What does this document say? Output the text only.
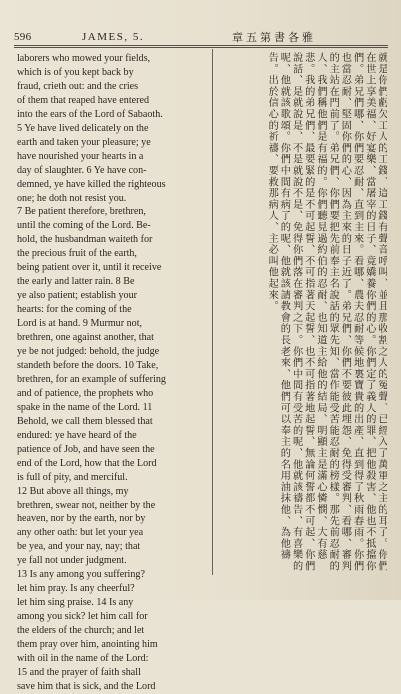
596	JAMES, 5.	章五第書各雅

laborers who mowed your fields,

which is of you kept back by

fraud, crieth out: and the cries

of them that reaped have entered

into the ears of the Lord of Sabaoth.

5 Ye have lived delicately on the

earth and taken your pleasure; ye

have nourished your hearts in a

day of slaughter. 6 Ye have con-

demned, ye have killed the righteous

one; he doth not resist you.

7 Be patient therefore, brethren,

until the coming of the Lord. Be-

hold, the husbandman waiteth for

the precious fruit of the earth,

being patient over it, until it receive

the early and latter rain. 8 Be

ye also patient; establish your

hearts: for the coming of the

Lord is at hand. 9 Murmur not,

brethren, one against another, that

ye be not judged: behold, the judge

standeth before the doors. 10 Take,

brethren, for an example of suffering

and of patience, the prophets who

spake in the name of the Lord. 11

Behold, we call them blessed that

endured: ye have heard of the

patience of Job, and have seen the

end of the Lord, how that the Lord

is full of pity, and merciful.

12 But above all things, my

brethren, swear not, neither by the

heaven, nor by the earth, nor by

any other oath: but let your yea

be yea, and your nay, nay; that

ye fall not under judgment.

13 Is any among you suffering?

let him pray. Is any cheerful?

let him sing praise. 14 Is any

among you sick? let him call for

the elders of the church; and let

them pray over him, anointing him

with oil in the name of the Lord:

15 and the prayer of faith shall

save him that is sick, and the Lord

就是你們虧欠工人的工錢、這工錢有聲音呼叫、並且那收割之人的冤聲、已經入了萬軍之主的耳了。你們在世上享美福、好宴樂、當屠宰的日子、竟嬌養你們的心。你們定了義人的罪、把他殺害、他也不抵擋你們。弟兄們哪、你們要忍耐、直到主來。看哪、農夫忍耐等候地裏寶貴的出產、直到得了秋雨春雨。你們也當忍耐、堅固你們的心、因為主來的日子近了。弟兄們、你們不要彼此埋怨、免得受審判、看哪、審判的主站在門前了。弟兄們、你們要把先前奉主名說話的眾先知、當作能受苦能忍耐的榜樣。那先前忍耐的人、我們稱他們是有福的。你們聽見過約伯的忍耐、也知道主給他的結局、明顯主是滿心憐憫、大有慈悲。我的弟兄們、最要緊的是不可起誓、不可指著天起誓、也不可指著地起誓、無論何誓都不可起、你們說話、是就說是、不是就說不是、免得你們落在審判之下。你們中間有受苦的呢、他就該禱告、有喜樂的呢、他就該歌頌。你們中間有病了的呢、他就該請教會的長老來、他們可以奉主的名用油抹他、為他禱告。出於信心的祈禱、要救那病人、主必叫他起來。
